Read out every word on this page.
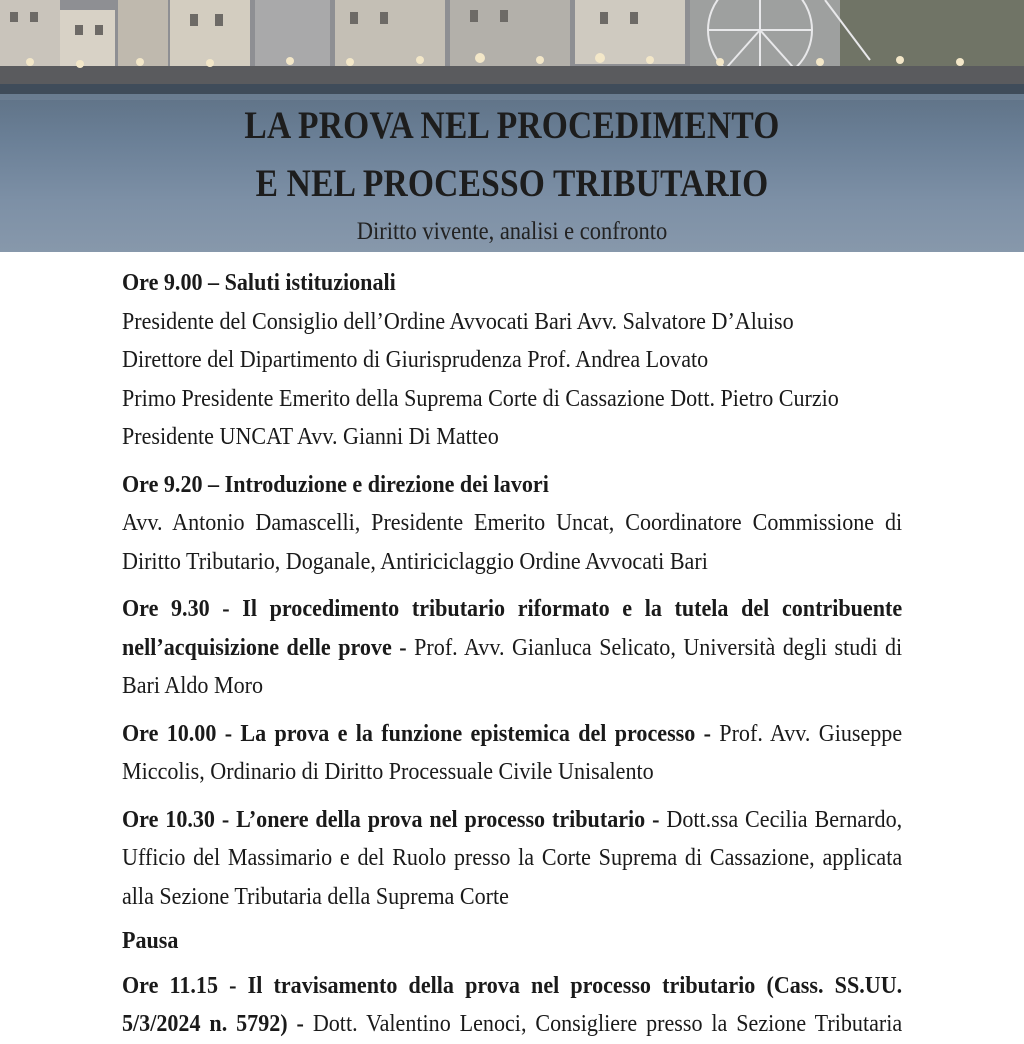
LA PROVA NEL PROCEDIMENTO
E NEL PROCESSO TRIBUTARIO
Diritto vivente, analisi e confronto
Ore 9.00 – Saluti istituzionali
Presidente del Consiglio dell’Ordine Avvocati Bari Avv. Salvatore D’Aluiso
Direttore del Dipartimento di Giurisprudenza Prof. Andrea Lovato
Primo Presidente Emerito della Suprema Corte di Cassazione Dott. Pietro Curzio
Presidente UNCAT Avv. Gianni Di Matteo
Ore 9.20 – Introduzione e direzione dei lavori
Avv. Antonio Damascelli, Presidente Emerito Uncat, Coordinatore Commissione di
Diritto Tributario, Doganale, Antiriciclaggio Ordine Avvocati Bari
Ore 9.30 - Il procedimento tributario riformato e la tutela del contribuente
nell’acquisizione delle prove - Prof. Avv. Gianluca Selicato, Università degli studi di
Bari Aldo Moro
Ore 10.00 - La prova e la funzione epistemica del processo - Prof. Avv. Giuseppe
Miccolis, Ordinario di Diritto Processuale Civile Unisalento
Ore 10.30 - L’onere della prova nel processo tributario - Dott.ssa Cecilia Bernardo,
Ufficio del Massimario e del Ruolo presso la Corte Suprema di Cassazione, applicata
alla Sezione Tributaria della Suprema Corte
Pausa
Ore 11.15 - Il travisamento della prova nel processo tributario (Cass. SS.UU.
5/3/2024 n. 5792) - Dott. Valentino Lenoci, Consigliere presso la Sezione Tributaria
